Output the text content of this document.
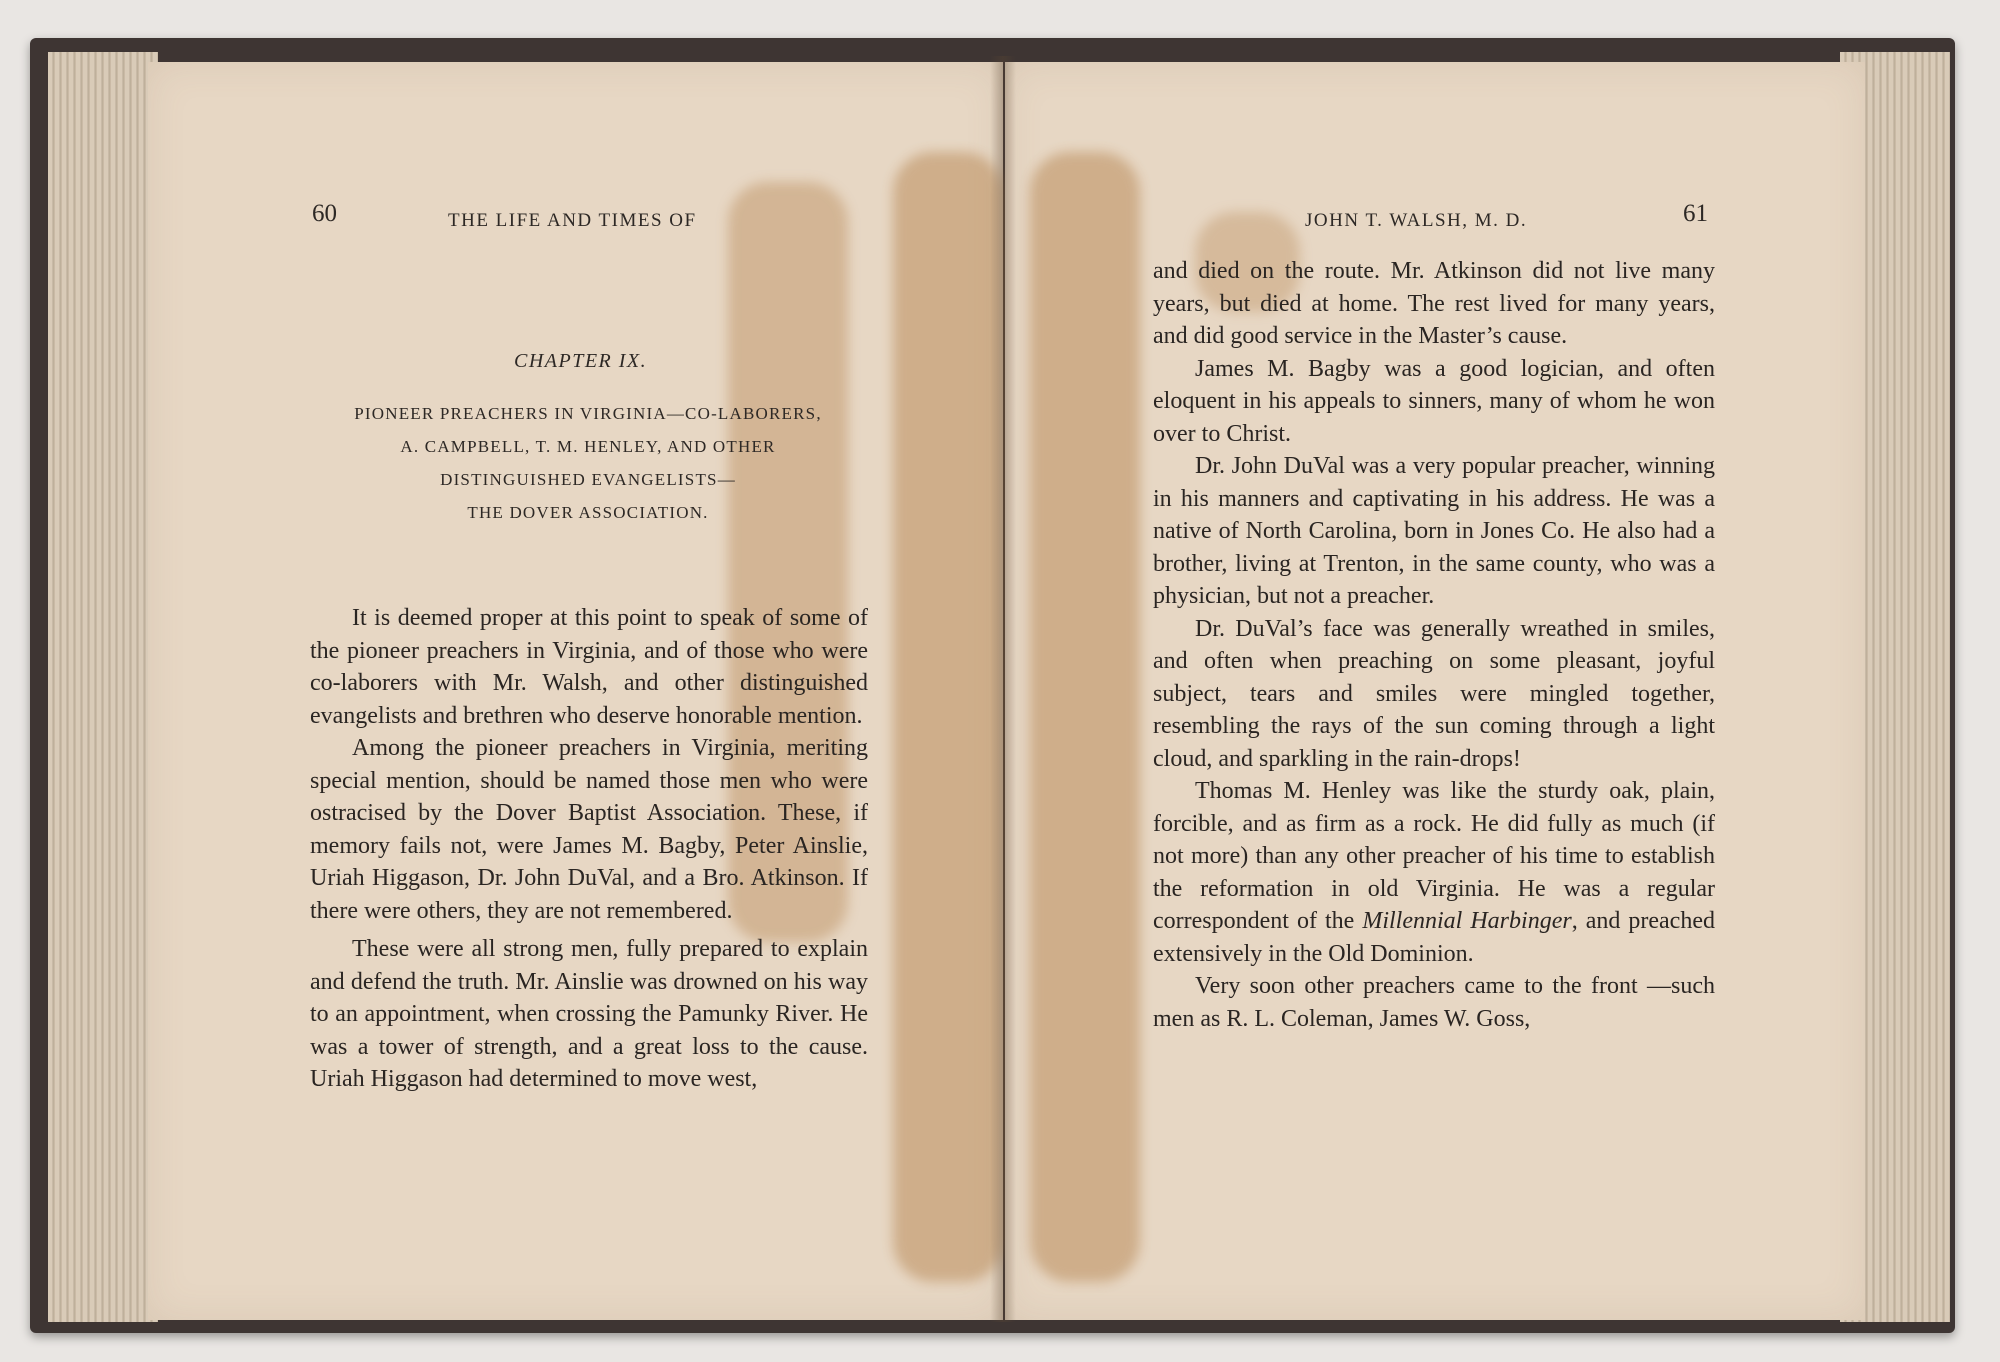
60	THE LIFE AND TIMES OF
CHAPTER IX.
PIONEER PREACHERS IN VIRGINIA—CO-LABORERS,
A. CAMPBELL, T. M. HENLEY, AND OTHER
DISTINGUISHED EVANGELISTS—
THE DOVER ASSOCIATION.

It is deemed proper at this point to speak of some of the pioneer preachers in Virginia, and of those who were co-laborers with Mr. Walsh, and other distinguished evangelists and brethren who deserve honorable mention.

Among the pioneer preachers in Virginia, meriting special mention, should be named those men who were ostracised by the Dover Baptist Association. These, if memory fails not, were James M. Bagby, Peter Ainslie, Uriah Higgason, Dr. John DuVal, and a Bro. Atkinson. If there were others, they are not remembered.

These were all strong men, fully prepared to explain and defend the truth. Mr. Ainslie was drowned on his way to an appointment, when crossing the Pamunky River. He was a tower of strength, and a great loss to the cause. Uriah Higgason had determined to move west,

JOHN T. WALSH, M. D.	61

and died on the route. Mr. Atkinson did not live many years, but died at home. The rest lived for many years, and did good service in the Master’s cause.

James M. Bagby was a good logician, and often eloquent in his appeals to sinners, many of whom he won over to Christ.

Dr. John DuVal was a very popular preacher, winning in his manners and captivating in his address. He was a native of North Carolina, born in Jones Co. He also had a brother, living at Trenton, in the same county, who was a physician, but not a preacher.

Dr. DuVal’s face was generally wreathed in smiles, and often when preaching on some pleasant, joyful subject, tears and smiles were mingled together, resembling the rays of the sun coming through a light cloud, and sparkling in the rain-drops!

Thomas M. Henley was like the sturdy oak, plain, forcible, and as firm as a rock. He did fully as much (if not more) than any other preacher of his time to establish the reformation in old Virginia. He was a regular correspondent of the Millennial Harbinger, and preached extensively in the Old Dominion.

Very soon other preachers came to the front —such men as R. L. Coleman, James W. Goss,
